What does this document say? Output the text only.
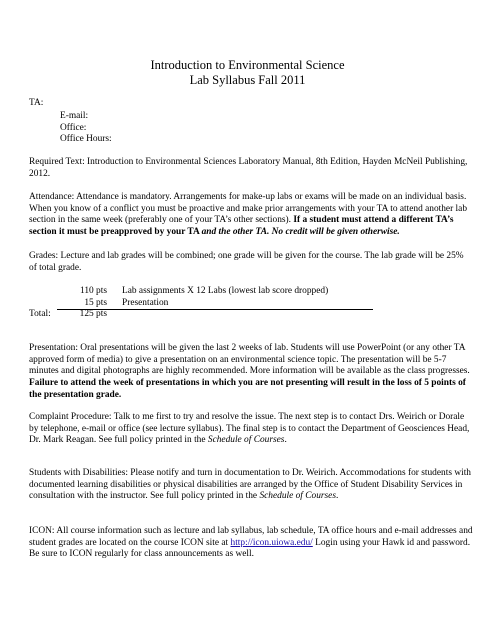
Introduction to Environmental Science
Lab Syllabus Fall 2011
TA:
E-mail:
Office:
Office Hours:
Required Text: Introduction to Environmental Sciences Laboratory Manual, 8th Edition, Hayden McNeil Publishing, 2012.
Attendance: Attendance is mandatory. Arrangements for make-up labs or exams will be made on an individual basis. When you know of a conflict you must be proactive and make prior arrangements with your TA to attend another lab section in the same week (preferably one of your TA’s other sections). If a student must attend a different TA’s section it must be preapproved by your TA and the other TA. No credit will be given otherwise.
Grades: Lecture and lab grades will be combined; one grade will be given for the course. The lab grade will be 25% of total grade.
110 pts Lab assignments X 12 Labs (lowest lab score dropped)
15 pts Presentation
Total:	125 pts
Presentation: Oral presentations will be given the last 2 weeks of lab. Students will use PowerPoint (or any other TA approved form of media) to give a presentation on an environmental science topic. The presentation will be 5-7 minutes and digital photographs are highly recommended. More information will be available as the class progresses. Failure to attend the week of presentations in which you are not presenting will result in the loss of 5 points of the presentation grade.
Complaint Procedure: Talk to me first to try and resolve the issue. The next step is to contact Drs. Weirich or Dorale by telephone, e-mail or office (see lecture syllabus). The final step is to contact the Department of Geosciences Head, Dr. Mark Reagan. See full policy printed in the Schedule of Courses.
Students with Disabilities: Please notify and turn in documentation to Dr. Weirich. Accommodations for students with documented learning disabilities or physical disabilities are arranged by the Office of Student Disability Services in consultation with the instructor. See full policy printed in the Schedule of Courses.
ICON: All course information such as lecture and lab syllabus, lab schedule, TA office hours and e-mail addresses and student grades are located on the course ICON site at http://icon.uiowa.edu/ Login using your Hawk id and password. Be sure to ICON regularly for class announcements as well.
